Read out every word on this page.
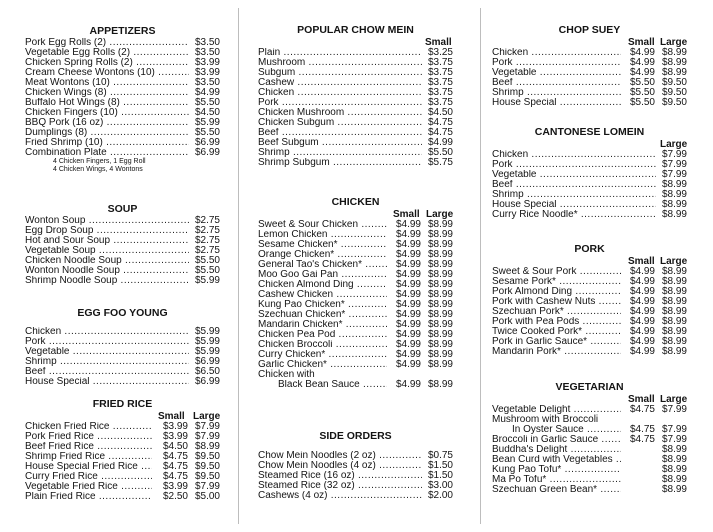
APPETIZERS
Pork Egg Rolls (2) .....	$3.50
Vegetable Egg Rolls (2) .....	$3.50
Chicken Spring Rolls (2) .....	$3.99
Cream Cheese Wontons (10) .....	$3.99
Meat Wontons (10) .....	$3.50
Chicken Wings (8) .....	$4.99
Buffalo Hot Wings (8) .....	$5.50
Chicken Fingers (10) .....	$4.50
BBQ Pork (16 oz) .....	$5.99
Dumplings (8) .....	$5.50
Fried Shrimp (10) .....	$6.99
Combination Plate .....	$6.99
4 Chicken Fingers, 1 Egg Roll
4 Chicken Wings, 4 Wontons
SOUP
Wonton Soup .....	$2.75
Egg Drop Soup .....	$2.75
Hot and Sour Soup .....	$2.75
Vegetable Soup .....	$2.75
Chicken Noodle Soup .....	$5.50
Wonton Noodle Soup .....	$5.50
Shrimp Noodle Soup .....	$5.99
EGG FOO YOUNG
Chicken .....	$5.99
Pork .....	$5.99
Vegetable .....	$5.99
Shrimp .....	$6.99
Beef .....	$6.50
House Special .....	$6.99
FRIED RICE
Small Large
Chicken Fried Rice .....	$3.99 $7.99
Pork Fried Rice .....	$3.99 $7.99
Beef Fried Rice .....	$4.50 $8.99
Shrimp Fried Rice .....	$4.75 $9.50
House Special Fried Rice .....	$4.75 $9.50
Curry Fried Rice .....	$4.75 $9.50
Vegetable Fried Rice .....	$3.99 $7.99
Plain Fried Rice .....	$2.50 $5.00
POPULAR CHOW MEIN
Small
Plain .....	$3.25
Mushroom .....	$3.75
Subgum .....	$3.75
Cashew .....	$3.75
Chicken .....	$3.75
Pork .....	$3.75
Chicken Mushroom .....	$4.50
Chicken Subgum .....	$4.75
Beef .....	$4.75
Beef Subgum .....	$4.99
Shrimp .....	$5.50
Shrimp Subgum .....	$5.75
CHICKEN
Small Large
Sweet & Sour Chicken .....	$4.99 $8.99
Lemon Chicken .....	$4.99 $8.99
Sesame Chicken* .....	$4.99 $8.99
Orange Chicken* .....	$4.99 $8.99
General Tao's Chicken* .....	$4.99 $8.99
Moo Goo Gai Pan .....	$4.99 $8.99
Chicken Almond Ding .....	$4.99 $8.99
Cashew Chicken .....	$4.99 $8.99
Kung Pao Chicken* .....	$4.99 $8.99
Szechuan Chicken* .....	$4.99 $8.99
Mandarin Chicken* .....	$4.99 $8.99
Chicken Pea Pod .....	$4.99 $8.99
Chicken Broccoli .....	$4.99 $8.99
Curry Chicken* .....	$4.99 $8.99
Garlic Chicken* .....	$4.99 $8.99
Chicken with
Black Bean Sauce .....	$4.99 $8.99
SIDE ORDERS
Chow Mein Noodles (2 oz) .....	$0.75
Chow Mein Noodles (4 oz) .....	$1.50
Steamed Rice (16 oz) .....	$1.50
Steamed Rice (32 oz) .....	$3.00
Cashews (4 oz) .....	$2.00
CHOP SUEY
Small Large
Chicken .....	$4.99 $8.99
Pork .....	$4.99 $8.99
Vegetable .....	$4.99 $8.99
Beef .....	$5.50 $9.50
Shrimp .....	$5.50 $9.50
House Special .....	$5.50 $9.50
CANTONESE LOMEIN
Large
Chicken .....	$7.99
Pork .....	$7.99
Vegetable .....	$7.99
Beef .....	$8.99
Shrimp .....	$8.99
House Special .....	$8.99
Curry Rice Noodle* .....	$8.99
PORK
Small Large
Sweet & Sour Pork .....	$4.99 $8.99
Sesame Pork* .....	$4.99 $8.99
Pork Almond Ding .....	$4.99 $8.99
Pork with Cashew Nuts .....	$4.99 $8.99
Szechuan Pork* .....	$4.99 $8.99
Pork with Pea Pods .....	$4.99 $8.99
Twice Cooked Pork* .....	$4.99 $8.99
Pork in Garlic Sauce* .....	$4.99 $8.99
Mandarin Pork* .....	$4.99 $8.99
VEGETARIAN
Small Large
Vegetable Delight .....	$4.75 $7.99
Mushroom with Broccoli
In Oyster Sauce .....	$4.75 $7.99
Broccoli in Garlic Sauce .....	$4.75 $7.99
Buddha's Delight .....	$8.99
Bean Curd with Vegetables .....	$8.99
Kung Pao Tofu* .....	$8.99
Ma Po Tofu* .....	$8.99
Szechuan Green Bean* .....	$8.99
